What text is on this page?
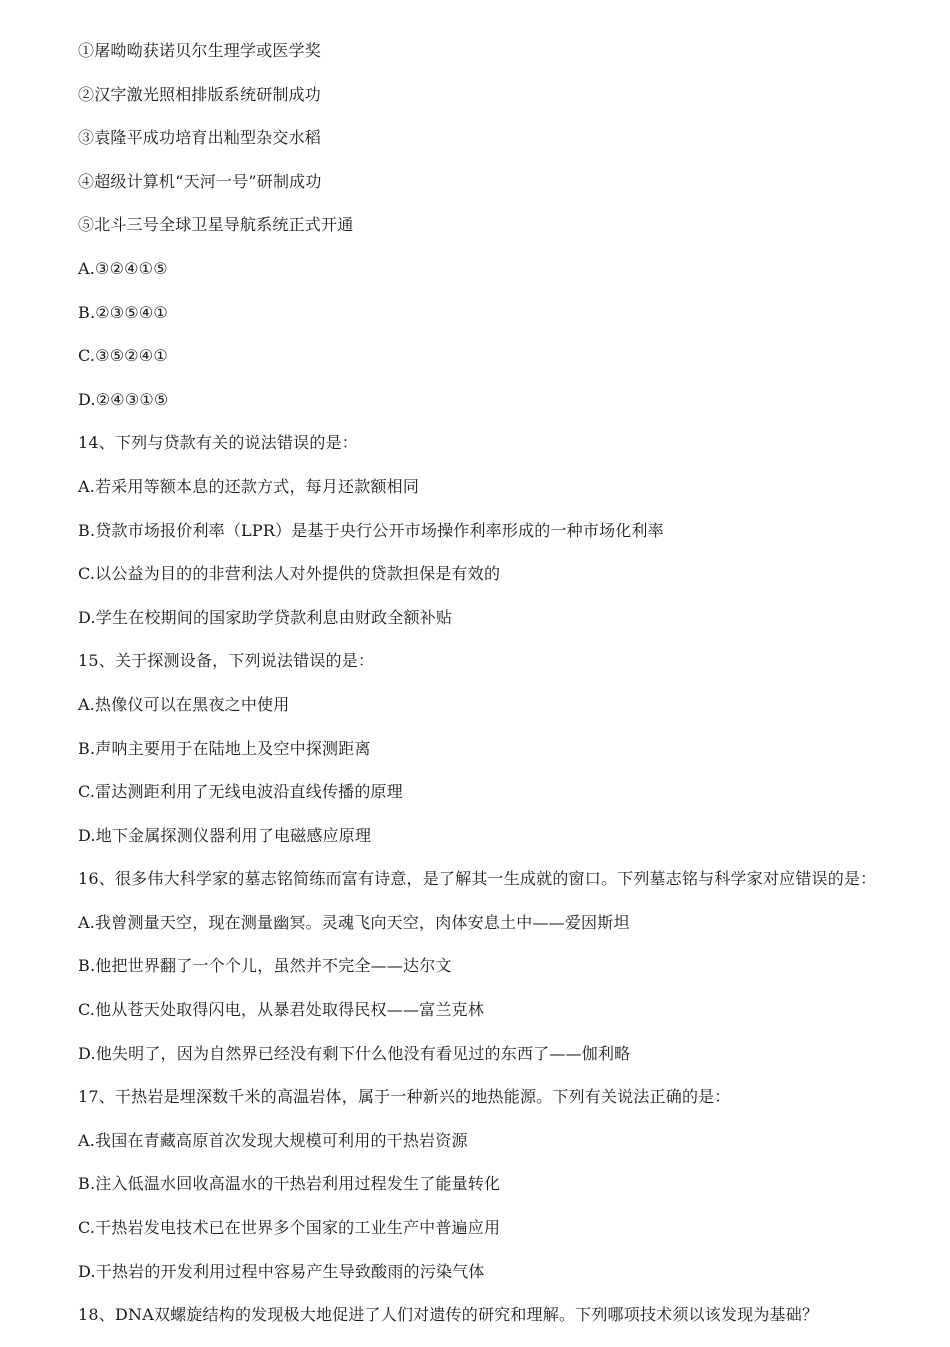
①屠呦呦获诺贝尔生理学或医学奖
②汉字激光照相排版系统研制成功
③袁隆平成功培育出籼型杂交水稻
④超级计算机“天河一号”研制成功
⑤北斗三号全球卫星导航系统正式开通
A.③②④①⑤
B.②③⑤④①
C.③⑤②④①
D.②④③①⑤
14、下列与贷款有关的说法错误的是：
A.若采用等额本息的还款方式，每月还款额相同
B.贷款市场报价利率（LPR）是基于央行公开市场操作利率形成的一种市场化利率
C.以公益为目的的非营利法人对外提供的贷款担保是有效的
D.学生在校期间的国家助学贷款利息由财政全额补贴
15、关于探测设备，下列说法错误的是：
A.热像仪可以在黑夜之中使用
B.声呐主要用于在陆地上及空中探测距离
C.雷达测距利用了无线电波沿直线传播的原理
D.地下金属探测仪器利用了电磁感应原理
16、很多伟大科学家的墓志铭简练而富有诗意，是了解其一生成就的窗口。下列墓志铭与科学家对应错误的是：
A.我曾测量天空，现在测量幽冥。灵魂飞向天空，肉体安息土中——爱因斯坦
B.他把世界翻了一个个儿，虽然并不完全——达尔文
C.他从苍天处取得闪电，从暴君处取得民权——富兰克林
D.他失明了，因为自然界已经没有剩下什么他没有看见过的东西了——伽利略
17、干热岩是埋深数千米的高温岩体，属于一种新兴的地热能源。下列有关说法正确的是：
A.我国在青藏高原首次发现大规模可利用的干热岩资源
B.注入低温水回收高温水的干热岩利用过程发生了能量转化
C.干热岩发电技术已在世界多个国家的工业生产中普遍应用
D.干热岩的开发利用过程中容易产生导致酸雨的污染气体
18、DNA双螺旋结构的发现极大地促进了人们对遗传的研究和理解。下列哪项技术须以该发现为基础？
